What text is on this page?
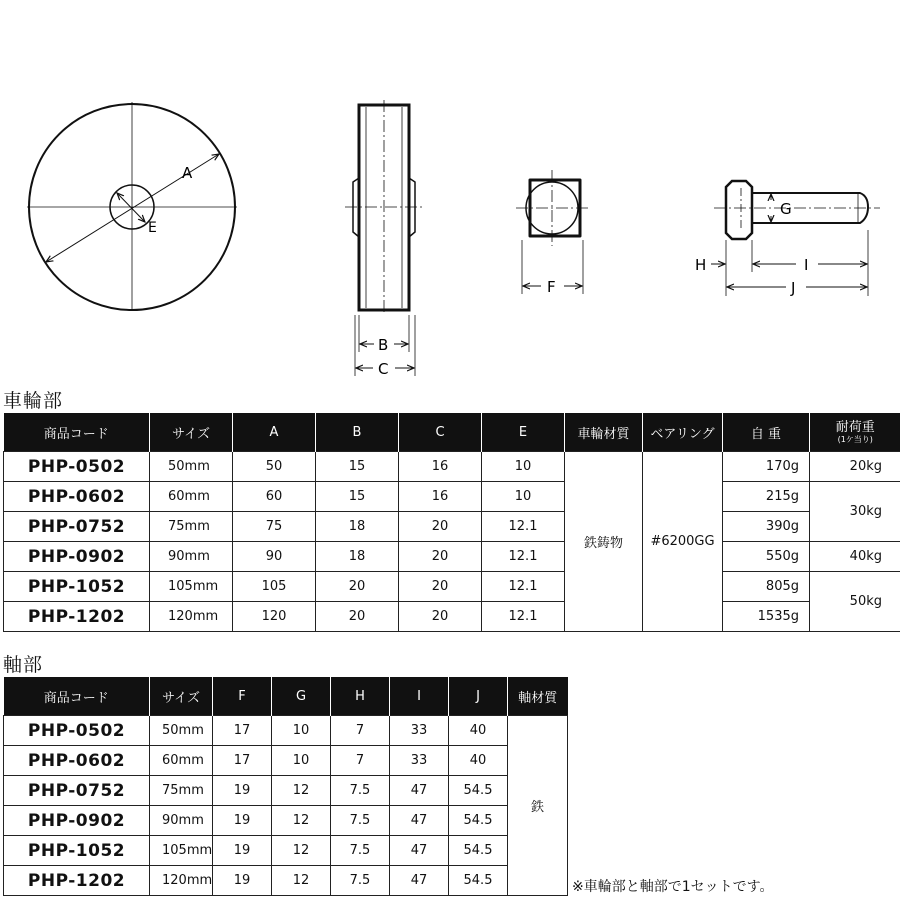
A
E
B
C
F
G
H	I
J
車輪部
商品コード	サイズ	A	B	C	E	車輪材質	ベアリング	自 重	耐荷重
(1ケ当り)

PHP-0502	50mm	50	15	16	10	鉄鋳物	#6200GG	170g	20kg
PHP-0602	60mm	60	15	16	10			215g	30kg
PHP-0752	75mm	75	18	20	12.1			390g	
PHP-0902	90mm	90	18	20	12.1			550g	40kg
PHP-1052	105mm	105	20	20	12.1			805g	50kg
PHP-1202	120mm	120	20	20	12.1			1535g	
軸部
商品コード	サイズ	F	G	H	I	J	軸材質
PHP-0502	50mm	17	10	7	33	40	鉄
PHP-0602	60mm	17	10	7	33	40	
PHP-0752	75mm	19	12	7.5	47	54.5	
PHP-0902	90mm	19	12	7.5	47	54.5	
PHP-1052	105mm	19	12	7.5	47	54.5	
PHP-1202	120mm	19	12	7.5	47	54.5		※車輪部と軸部で1セットです。
